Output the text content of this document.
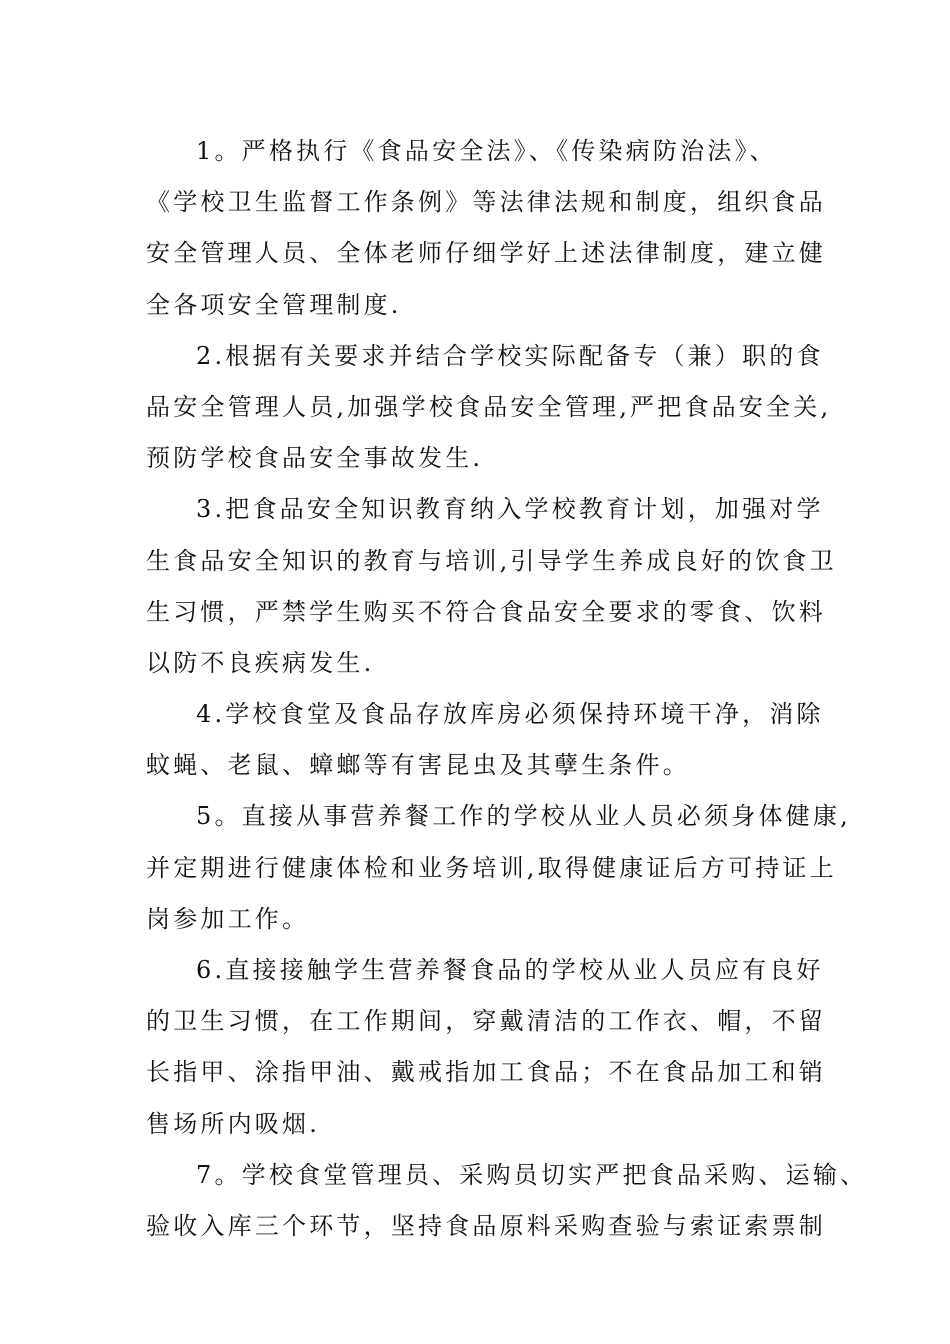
1。严格执行《食品安全法》、《传染病防治法》、
《学校卫生监督工作条例》等法律法规和制度，组织食品
安全管理人员、全体老师仔细学好上述法律制度，建立健
全各项安全管理制度.
2.根据有关要求并结合学校实际配备专（兼）职的食
品安全管理人员,加强学校食品安全管理,严把食品安全关,
预防学校食品安全事故发生.
3.把食品安全知识教育纳入学校教育计划，加强对学
生食品安全知识的教育与培训,引导学生养成良好的饮食卫
生习惯，严禁学生购买不符合食品安全要求的零食、饮料
以防不良疾病发生.
4.学校食堂及食品存放库房必须保持环境干净，消除
蚊蝇、老鼠、蟑螂等有害昆虫及其孽生条件。
5。直接从事营养餐工作的学校从业人员必须身体健康,
并定期进行健康体检和业务培训,取得健康证后方可持证上
岗参加工作。
6.直接接触学生营养餐食品的学校从业人员应有良好
的卫生习惯，在工作期间，穿戴清洁的工作衣、帽，不留
长指甲、涂指甲油、戴戒指加工食品；不在食品加工和销
售场所内吸烟.
7。学校食堂管理员、采购员切实严把食品采购、运输、
验收入库三个环节，坚持食品原料采购查验与索证索票制
